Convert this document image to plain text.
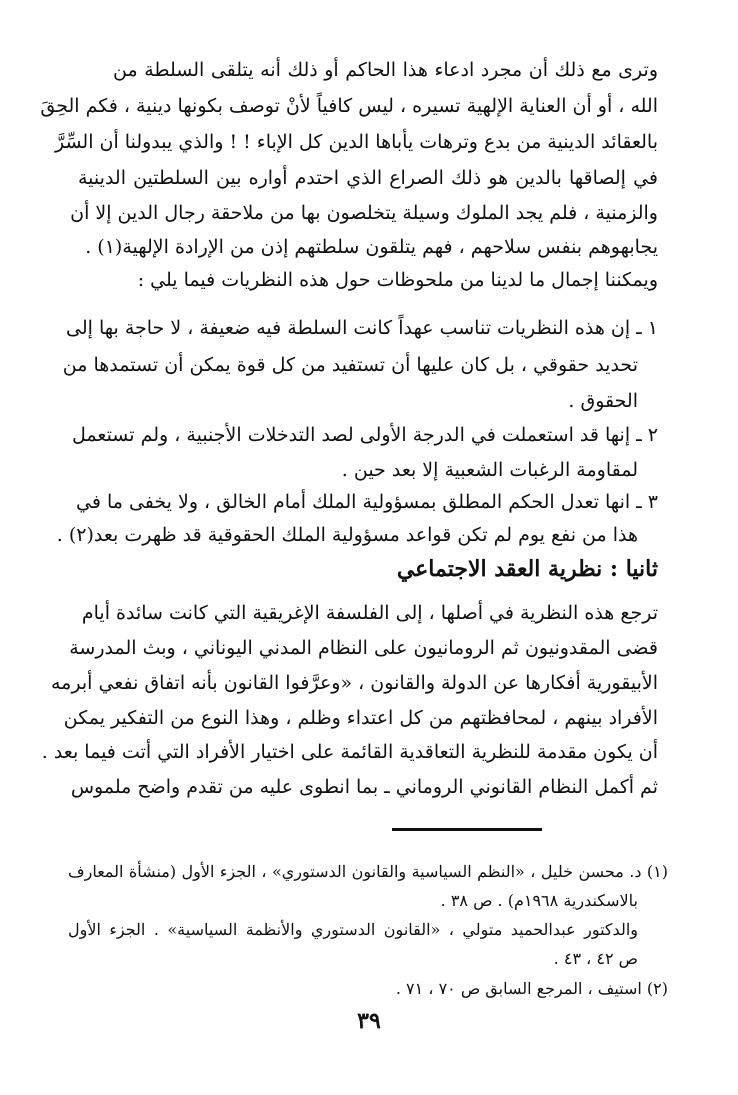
وترى مع ذلك أن مجرد ادعاء هذا الحاكم أو ذلك أنه يتلقى السلطة من
الله ، أو أن العناية الإلهية تسيره ، ليس كافياً لأنْ توصف بكونها دينية ، فكم الحِقَ
بالعقائد الدينية من بدع وترهات يأباها الدين كل الإباء ! ! والذي يبدولنا أن السِّرَّ
في إلصاقها بالدين هو ذلك الصراع الذي احتدم أواره بين السلطتين الدينية
والزمنية ، فلم يجد الملوك وسيلة يتخلصون بها من ملاحقة رجال الدين إلا أن
يجابهوهم بنفس سلاحهم ، فهم يتلقون سلطتهم إذن من الإرادة الإلهية(١) .
ويمكننا إجمال ما لدينا من ملحوظات حول هذه النظريات فيما يلي :
١ ـ إن هذه النظريات تناسب عهداً كانت السلطة فيه ضعيفة ، لا حاجة بها إلى
تحديد حقوقي ، بل كان عليها أن تستفيد من كل قوة يمكن أن تستمدها من
الحقوق .
٢ ـ إنها قد استعملت في الدرجة الأولى لصد التدخلات الأجنبية ، ولم تستعمل
لمقاومة الرغبات الشعبية إلا بعد حين .
٣ ـ انها تعدل الحكم المطلق بمسؤولية الملك أمام الخالق ، ولا يخفى ما في
هذا من نفع يوم لم تكن قواعد مسؤولية الملك الحقوقية قد ظهرت بعد(٢) .
ثانيا : نظرية العقد الاجتماعي
ترجع هذه النظرية في أصلها ، إلى الفلسفة الإغريقية التي كانت سائدة أيام
قضى المقدونيون ثم الرومانيون على النظام المدني اليوناني ، وبث المدرسة
الأبيقورية أفكارها عن الدولة والقانون ، «وعرَّفوا القانون بأنه اتفاق نفعي أبرمه
الأفراد بينهم ، لمحافظتهم من كل اعتداء وظلم ، وهذا النوع من التفكير يمكن
أن يكون مقدمة للنظرية التعاقدية القائمة على اختيار الأفراد التي أتت فيما بعد .
ثم أكمل النظام القانوني الروماني ـ بما انطوى عليه من تقدم واضح ملموس
(١) د. محسن خليل ، «النظم السياسية والقانون الدستوري» ، الجزء الأول (منشأة المعارف
بالاسكندرية ١٩٦٨م) . ص ٣٨ .
والدكتور عبدالحميد متولي ، «القانون الدستوري والأنظمة السياسية» . الجزء الأول
ص ٤٢ ، ٤٣ .
(٢) استيف ، المرجع السابق ص ٧٠ ، ٧١ .
٣٩
